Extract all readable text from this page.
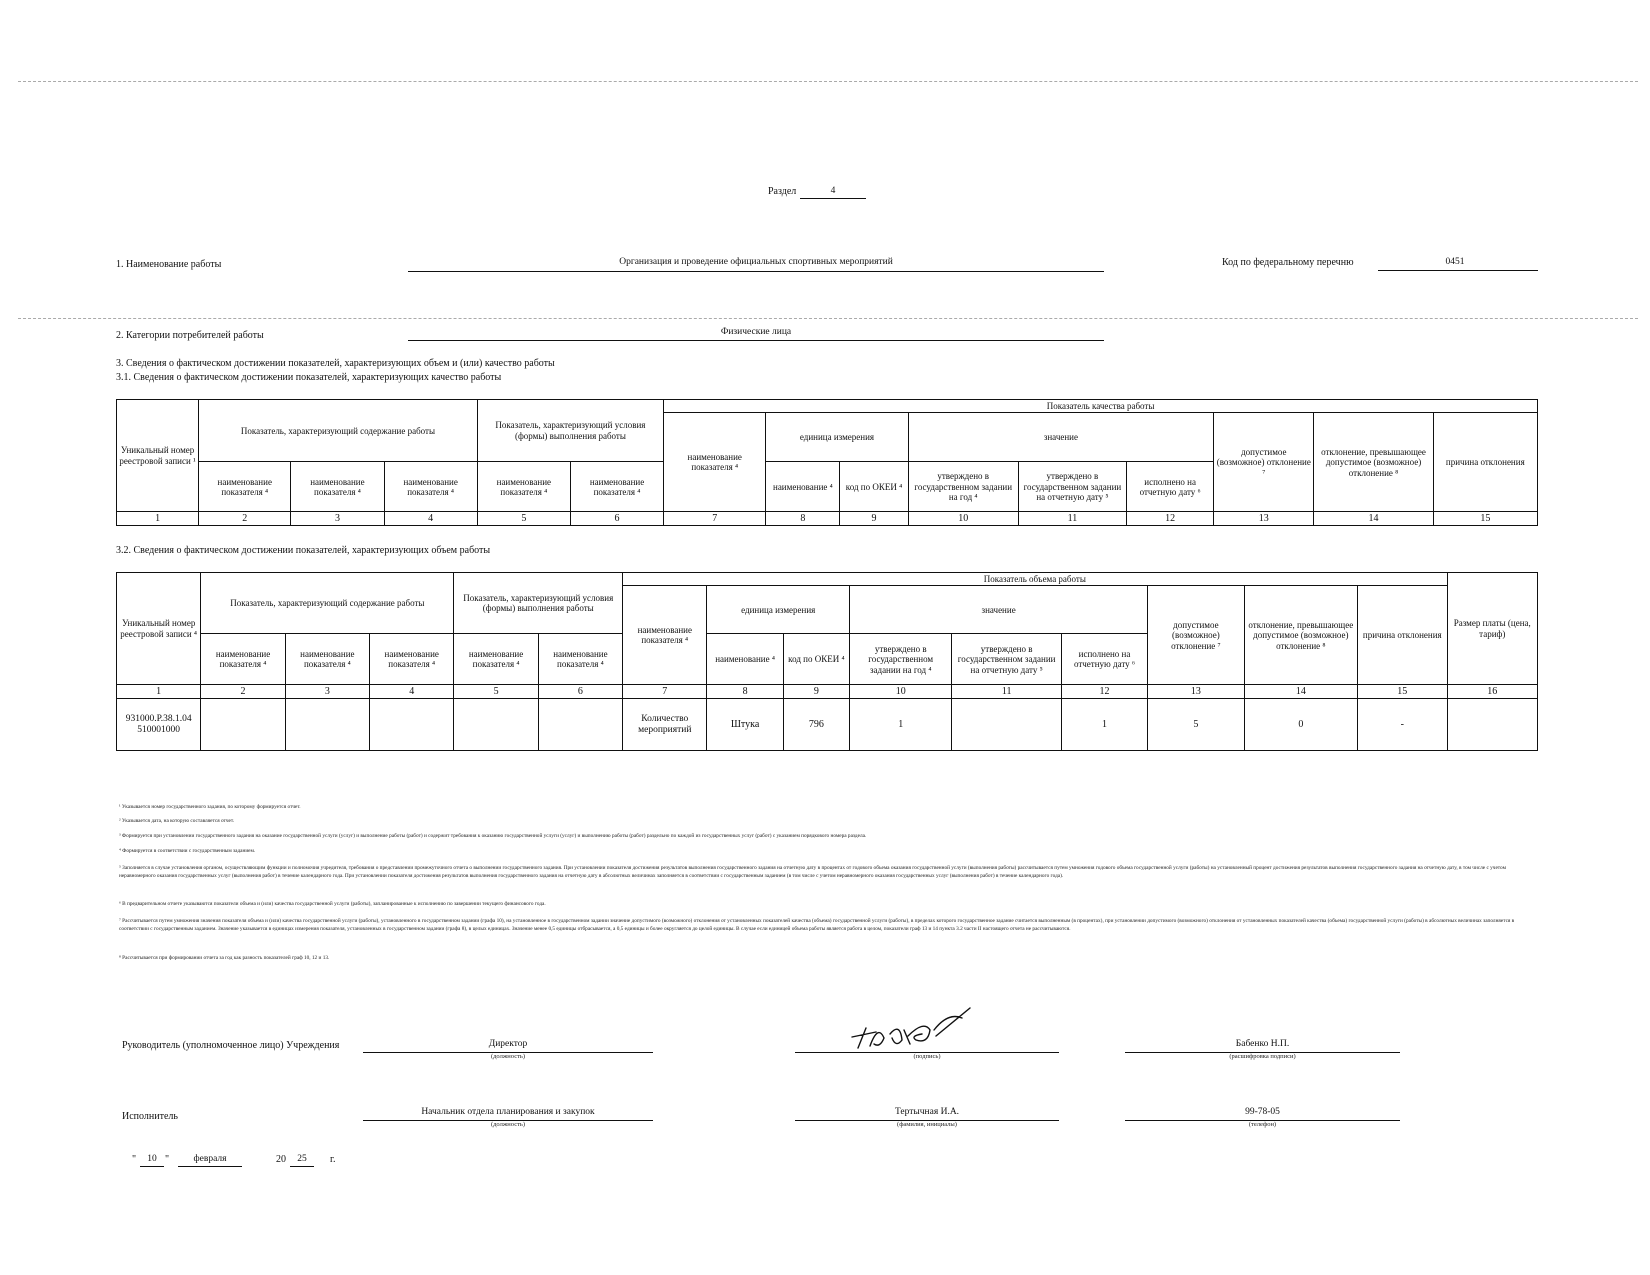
Раздел	4
1. Наименование работы	Организация и проведение официальных спортивных мероприятий	Код по федеральному перечню	0451
2. Категории потребителей работы	Физические лица
3. Сведения о фактическом достижении показателей, характеризующих объем и (или) качество работы
3.1. Сведения о фактическом достижении показателей, характеризующих качество работы
Уникальный номер реестровой записи ¹	Показатель, характеризующий содержание работы			Показатель, характеризующий условия (формы) выполнения работы		Показатель качества работы								
						наименование показателя ⁴	единица измерения		значение			допустимое (возможное) отклонение ⁷	отклонение, превышающее допустимое (возможное) отклонение ⁸	причина отклонения
	наименование показателя ⁴	наименование показателя ⁴	наименование показателя ⁴	наименование показателя ⁴	наименование показателя ⁴		наименование ⁴	код по ОКЕИ ⁴	утверждено в государственном задании на год ⁴	утверждено в государственном задании на отчетную дату ⁵	исполнено на отчетную дату ⁶			
1	2	3	4	5	6	7	8	9	10	11	12	13	14	15
3.2. Сведения о фактическом достижении показателей, характеризующих объем работы
Уникальный номер реестровой записи ⁴	Показатель, характеризующий содержание работы			Показатель, характеризующий условия (формы) выполнения работы		Показатель объема работы									Размер платы (цена, тариф)
						наименование показателя ⁴	единица измерения		значение			допустимое (возможное) отклонение ⁷	отклонение, превышающее допустимое (возможное) отклонение ⁸	причина отклонения	
	наименование показателя ⁴	наименование показателя ⁴	наименование показателя ⁴	наименование показателя ⁴	наименование показателя ⁴		наименование ⁴	код по ОКЕИ ⁴	утверждено в государственном задании на год ⁴	утверждено в государственном задании на отчетную дату ⁵	исполнено на отчетную дату ⁶				
1	2	3	4	5	6	7	8	9	10	11	12	13	14	15	16
931000.Р.38.1.04 510001000						Количество мероприятий	Штука	796	1		1	5	0	-	
¹ Указывается номер государственного задания, по которому формируется отчет.
² Указывается дата, на которую составляется отчет.
³ Формируется при установлении государственного задания на оказание государственной услуги (услуг) и выполнение работы (работ) и содержит требования к оказанию государственной услуги (услуг) и выполнению работы (работ) раздельно по каждой из государственных услуг (работ) с указанием порядкового номера раздела.
⁴ Формируется в соответствии с государственным заданием.
⁵ Заполняется в случае установления органом, осуществляющим функции и полномочия учредителя, требования о представлении промежуточного отчета о выполнении государственного задания. При установлении показателя достижения результатов выполнения государственного задания на отчетную дату в процентах от годового объема оказания государственной услуги (выполнения работы) рассчитывается путем умножения годового объема государственной услуги (работы) на установленный процент достижения результатов выполнения государственного задания на отчетную дату, в том числе с учетом неравномерного оказания государственных услуг (выполнения работ) в течение календарного года. При установлении показателя достижения результатов выполнения государственного задания на отчетную дату в абсолютных величинах заполняется в соответствии с государственным заданием (в том числе с учетом неравномерного оказания государственных услуг (выполнения работ) в течение календарного года).
⁶ В предварительном отчете указываются показатели объема и (или) качества государственной услуги (работы), запланированные к исполнению по завершении текущего финансового года.
⁷ Рассчитывается путем умножения значения показателя объема и (или) качества государственной услуги (работы), установленного в государственном задании (графа 10), на установленное в государственном задании значение допустимого (возможного) отклонения от установленных показателей качества (объема) государственной услуги (работы), в пределах которого государственное задание считается выполненным (в процентах), при установлении допустимого (возможного) отклонения от установленных показателей качества (объема) государственной услуги (работы) в абсолютных величинах заполняется в соответствии с государственным заданием. Значение указывается в единицах измерения показателя, установленных в государственном задании (графа 8), в целых единицах. Значение менее 0,5 единицы отбрасывается, а 0,5 единицы и более округляется до целой единицы. В случае если единицей объема работы является работа в целом, показатели граф 13 и 14 пункта 3.2 части II настоящего отчета не рассчитываются.
⁸ Рассчитывается при формировании отчета за год как разность показателей граф 10, 12 и 13.
Руководитель (уполномоченное лицо) Учреждения	Директор
(должность)	(подпись)
Бабенко Н.П.
(расшифровка подписи)
Исполнитель	Начальник отдела планирования и закупок
(должность)
Тертычная И.А.
(фамилия, инициалы)
99-78-05
(телефон)
"	10 "	февраля	20	25	г.
